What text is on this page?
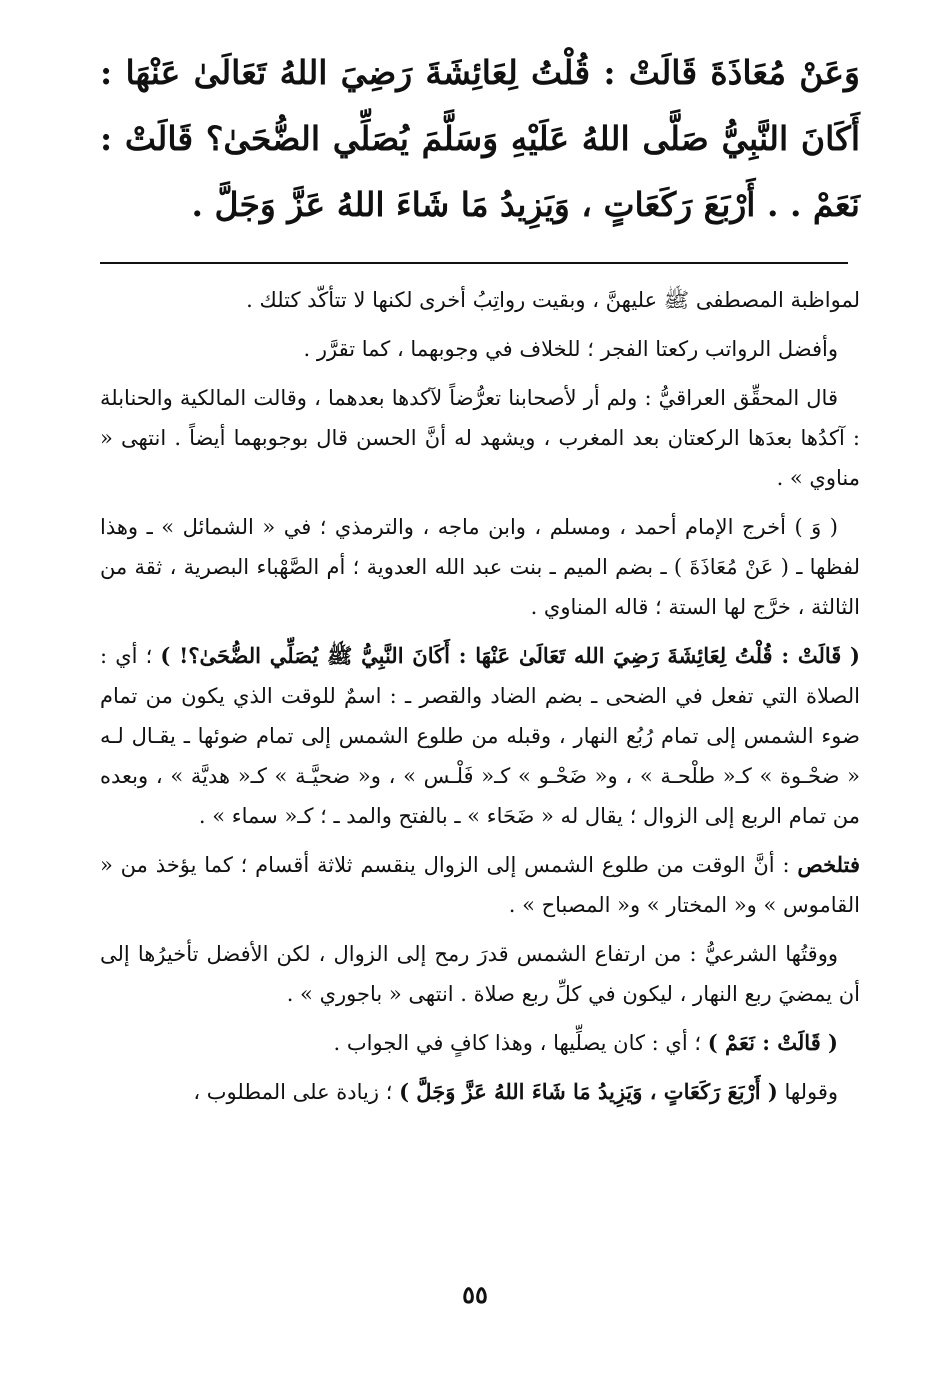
وَعَنْ مُعَاذَةَ قَالَتْ : قُلْتُ لِعَائِشَةَ رَضِيَ اللهُ تَعَالَىٰ عَنْهَا : أَكَانَ النَّبِيُّ صَلَّى اللهُ عَلَيْهِ وَسَلَّمَ يُصَلِّي الضُّحَىٰ؟ قَالَتْ : نَعَمْ . . أَرْبَعَ رَكَعَاتٍ ، وَيَزِيدُ مَا شَاءَ اللهُ عَزَّ وَجَلَّ .

لمواظبة المصطفى ﷺ عليهنَّ ، وبقيت رواتِبُ أخرى لكنها لا تتأكّد كتلك .

وأفضل الرواتب ركعتا الفجر ؛ للخلاف في وجوبهما ، كما تقرَّر .

قال المحقِّق العراقيُّ : ولم أر لأصحابنا تعرُّضاً لآكدها بعدهما ، وقالت المالكية والحنابلة : آكدُها بعدَها الركعتان بعد المغرب ، ويشهد له أنَّ الحسن قال بوجوبهما أيضاً . انتهى « مناوي » .

( وَ ) أخرج الإمام أحمد ، ومسلم ، وابن ماجه ، والترمذي ؛ في « الشمائل » ـ وهذا لفظها ـ ( عَنْ مُعَاذَةَ ) ـ بضم الميم ـ بنت عبد الله العدوية ؛ أم الصَّهْباء البصرية ، ثقة من الثالثة ، خرَّج لها الستة ؛ قاله المناوي .

( قَالَتْ : قُلْتُ لِعَائِشَةَ رَضِيَ الله تَعَالَىٰ عَنْهَا : أَكَانَ النَّبِيُّ ﷺ يُصَلِّي الضُّحَىٰ؟! ) ؛ أي : الصلاة التي تفعل في الضحى ـ بضم الضاد والقصر ـ : اسمٌ للوقت الذي يكون من تمام ضوء الشمس إلى تمام رُبُع النهار ، وقبله من طلوع الشمس إلى تمام ضوئها ـ يقـال لـه « ضحْـوة » كـ« طلْحـة » ، و« ضَحْـو » كـ« فَلْـس » ، و« ضحيَّـة » كـ« هديَّة » ، وبعده من تمام الربع إلى الزوال ؛ يقال له « ضَحَاء » ـ بالفتح والمد ـ ؛ كـ« سماء » .

فتلخص : أنَّ الوقت من طلوع الشمس إلى الزوال ينقسم ثلاثة أقسام ؛ كما يؤخذ من « القاموس » و« المختار » و« المصباح » .

ووقتُها الشرعيُّ : من ارتفاع الشمس قدرَ رمح إلى الزوال ، لكن الأفضل تأخيرُها إلى أن يمضيَ ربع النهار ، ليكون في كلِّ ربع صلاة . انتهى « باجوري » .

( قَالَتْ : نَعَمْ ) ؛ أي : كان يصلِّيها ، وهذا كافٍ في الجواب .

وقولها ( أَرْبَعَ رَكَعَاتٍ ، وَيَزِيدُ مَا شَاءَ اللهُ عَزَّ وَجَلَّ ) ؛ زيادة على المطلوب ،

٥٥
